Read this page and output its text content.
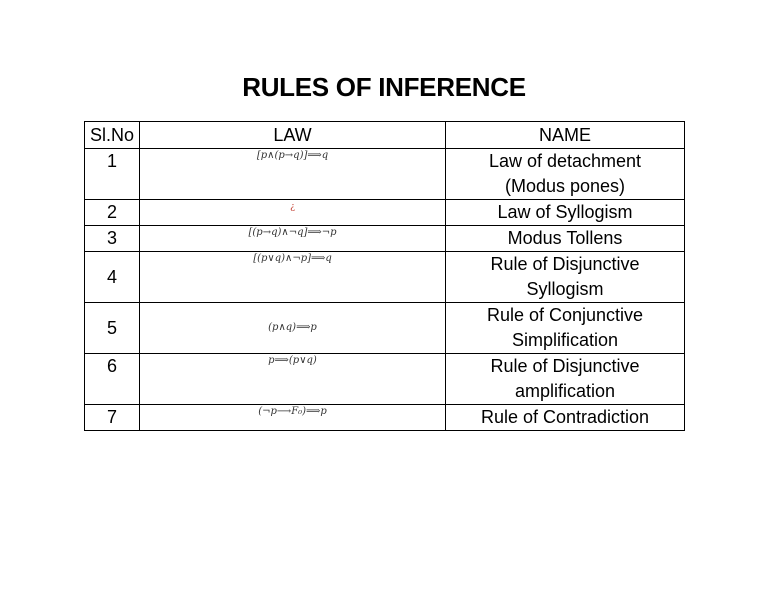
RULES OF INFERENCE
Sl.No	LAW	NAME
1	[p∧(p→q)]⟹q	Law of detachment
(Modus pones)

2	¿	Law of Syllogism

3	[(p→q)∧¬q]⟹¬p	Modus Tollens

4	[(p∨q)∧¬p]⟹q	Rule of Disjunctive
Syllogism

5	(p∧q)⟹p	Rule of Conjunctive
Simplification

6	p⟹(p∨q)	Rule of Disjunctive
amplification

7	(¬p⟶F₀)⟹p	Rule of Contradiction
